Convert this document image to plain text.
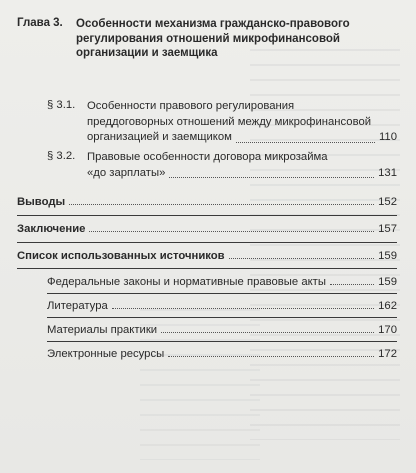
Глава 3. Особенности механизма гражданско-правового регулирования отношений микрофинансовой организации и заемщика
§ 3.1. Особенности правового регулирования
преддоговорных отношений между микрофинансовой
организацией и заемщиком	110
§ 3.2. Правовые особенности договора микрозайма
«до зарплаты»	131
Выводы	152
Заключение	157
Список использованных источников	159
Федеральные законы и нормативные правовые акты	159
Литература	162
Материалы практики	170
Электронные ресурсы	172
